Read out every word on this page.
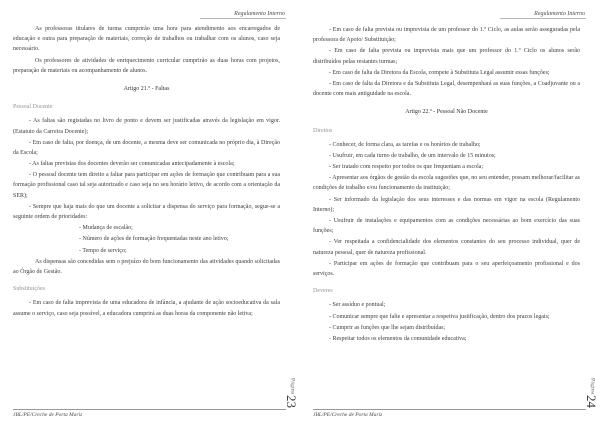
Regulamento Interno
As professoras titulares de turma cumprirão uma hora para atendimento aos encarregados de educação e outra para preparação de materiais, correção de trabalhos ou trabalhar com os alunos, caso seja necessário.
Os professores de atividades de enriquecimento curricular cumprirão as duas horas com projetos, preparação de materiais ou acompanhamento de alunos.
Artigo 21.º - Faltas
Pessoal Docente
- As faltas são registadas no livro de ponto e devem ser justificadas através da legislação em vigor. (Estatuto da Carreira Docente);
- Em caso de falta, por doença, de um docente, a mesma deve ser comunicada no próprio dia, à Direção da Escola;
- As faltas previstas dos docentes deverão ser comunicadas antecipadamente à escola;
- O pessoal docente tem direito a faltar para participar em ações de formação que contribuam para a sua formação profissional caso tal seja autorizado e caso seja no seu horário letivo, de acordo com a orientação da SER);
- Sempre que haja mais do que um docente a solicitar a dispensa do serviço para formação, segue-se a seguinte ordem de prioridades:
- Mudança de escalão;
- Número de ações de formação frequentadas neste ano letivo;
- Tempo de serviço;
As dispensas são concedidas sem o prejuízo do bom funcionamento das atividades quando solicitadas ao Órgão de Gestão.
Substituições
- Em caso de falta imprevista de uma educadora de infância, a ajudante de ação socioeducativa da sala assume o serviço, caso seja possível, a educadora cumprirá as duas horas da componente não letiva;
Página
23
JBL/PE/Creche de Porta Mariz
Regulamento Interno
- Em caso de falta prevista ou imprevista de um professor do 1.º Ciclo, as aulas serão asseguradas pela professora de Apoio/ Substituição;
- Em caso de falta prevista ou imprevista mais que um professor do 1.º Ciclo os alunos serão distribuídos pelas restantes turmas;
- Em caso de falta da Diretora da Escola, compete à Substituta Legal assumir essas funções;
- Em caso de falta da Diretora e da Substituta Legal, desempenhará as suas funções, a Coadjuvante ou a docente com mais antiguidade na escola.
Artigo 22.º - Pessoal Não Docente
Direitos
- Conhecer, de forma clara, as tarefas e os horários de trabalho;
- Usufruir, em cada turno de trabalho, de um intervalo de 15 minutos;
- Ser tratado com respeito por todos os que frequentam a escola;
- Apresentar aos órgãos de gestão da escola sugestões que, no seu entender, possam melhorar/facilitar as condições de trabalho e/ou funcionamento da instituição;
- Ser informado da legislação dos seus interesses e das normas em vigor na escola (Regulamento Interno);
- Usufruir de instalações e equipamentos com as condições necessárias ao bom exercício das suas funções;
- Ver respeitada a confidencialidade dos elementos constantes do seu processo individual, quer de natureza pessoal, quer de natureza profissional.
- Participar em ações de formação que contribuam para o seu aperfeiçoamento profissional e dos serviços.
Deveres
- Ser assíduo e pontual;
- Comunicar sempre que falte e apresentar a respetiva justificação, dentro dos prazos legais;
- Cumprir as funções que lhe sejam distribuídas;
- Respeitar todos os elementos da comunidade educativa;
Página
24
JBL/PE/Creche de Porta Mariz
